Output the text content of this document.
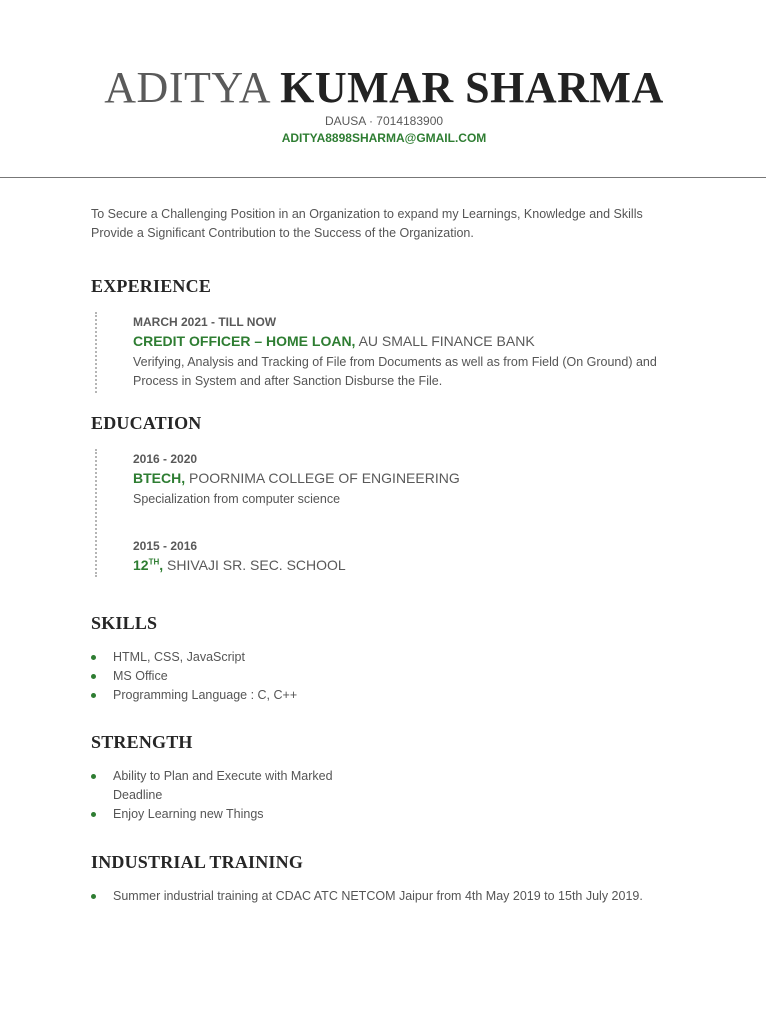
ADITYA KUMAR SHARMA
DAUSA · 7014183900
ADITYA8898SHARMA@GMAIL.COM

To Secure a Challenging Position in an Organization to expand my Learnings, Knowledge and Skills Provide a Significant Contribution to the Success of the Organization.

EXPERIENCE
MARCH 2021 - TILL NOW
CREDIT OFFICER – HOME LOAN, AU SMALL FINANCE BANK
Verifying, Analysis and Tracking of File from Documents as well as from Field (On Ground) and Process in System and after Sanction Disburse the File.
EDUCATION
2016 - 2020
BTECH, POORNIMA COLLEGE OF ENGINEERING
Specialization from computer science
2015 - 2016
12TH, SHIVAJI SR. SEC. SCHOOL
SKILLS
HTML, CSS, JavaScript
MS Office
Programming Language : C, C++
STRENGTH
Ability to Plan and Execute with Marked Deadline
Enjoy Learning new Things
INDUSTRIAL TRAINING
Summer industrial training at CDAC ATC NETCOM Jaipur from 4th May 2019 to 15th July 2019.
